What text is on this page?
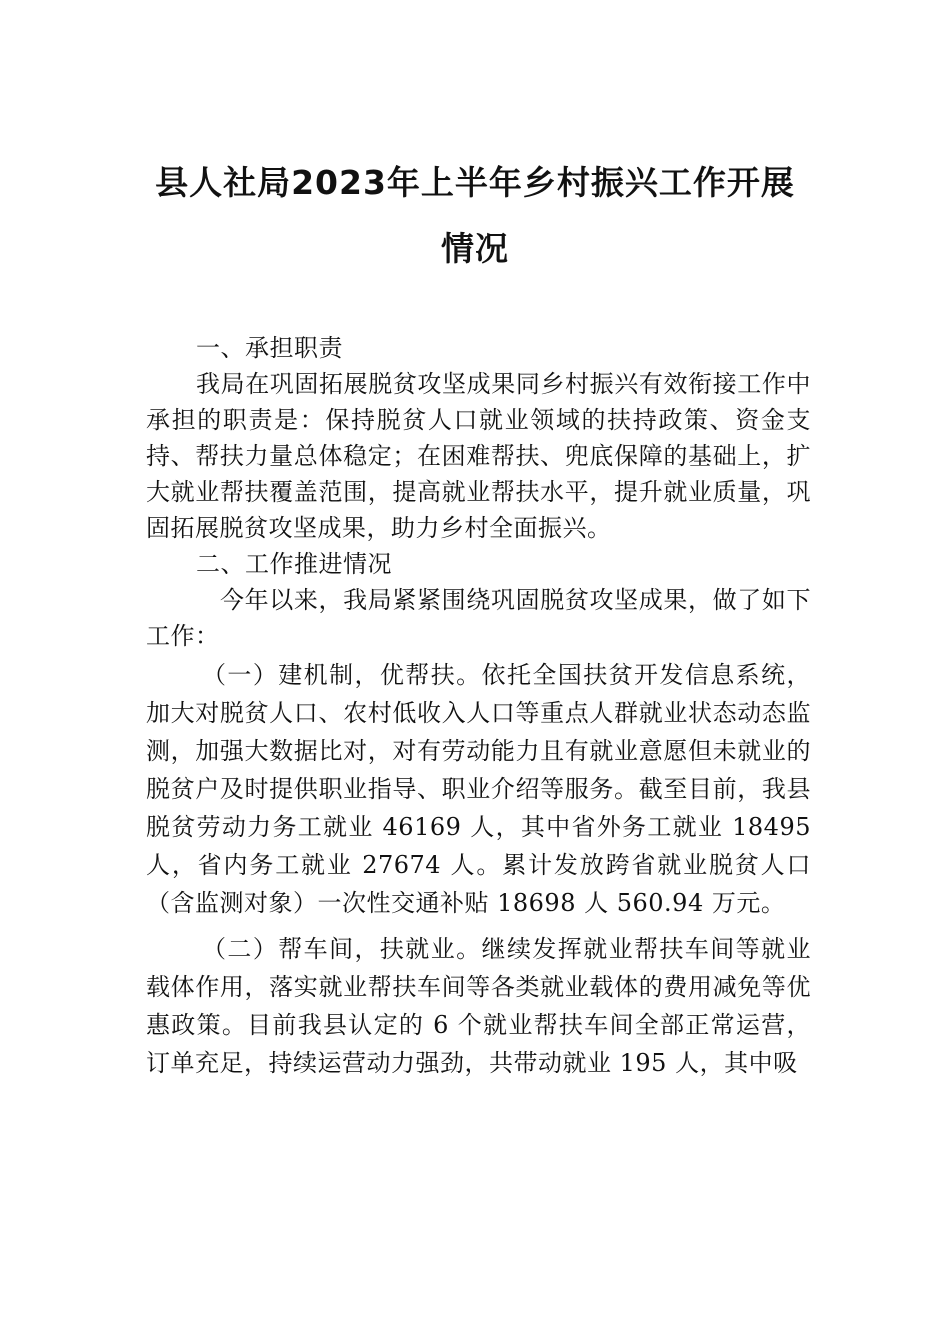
县人社局2023年上半年乡村振兴工作开展
情况

一、承担职责

我局在巩固拓展脱贫攻坚成果同乡村振兴有效衔接工作中承担的职责是：保持脱贫人口就业领域的扶持政策、资金支持、帮扶力量总体稳定；在困难帮扶、兜底保障的基础上，扩大就业帮扶覆盖范围，提高就业帮扶水平，提升就业质量，巩固拓展脱贫攻坚成果，助力乡村全面振兴。

二、工作推进情况

今年以来，我局紧紧围绕巩固脱贫攻坚成果，做了如下工作：

（一）建机制，优帮扶。依托全国扶贫开发信息系统，加大对脱贫人口、农村低收入人口等重点人群就业状态动态监测，加强大数据比对，对有劳动能力且有就业意愿但未就业的脱贫户及时提供职业指导、职业介绍等服务。截至目前，我县脱贫劳动力务工就业 46169 人，其中省外务工就业 18495 人，省内务工就业 27674 人。累计发放跨省就业脱贫人口（含监测对象）一次性交通补贴 18698 人 560.94 万元。

（二）帮车间，扶就业。继续发挥就业帮扶车间等就业载体作用，落实就业帮扶车间等各类就业载体的费用减免等优惠政策。目前我县认定的 6 个就业帮扶车间全部正常运营，订单充足，持续运营动力强劲，共带动就业 195 人，其中吸
